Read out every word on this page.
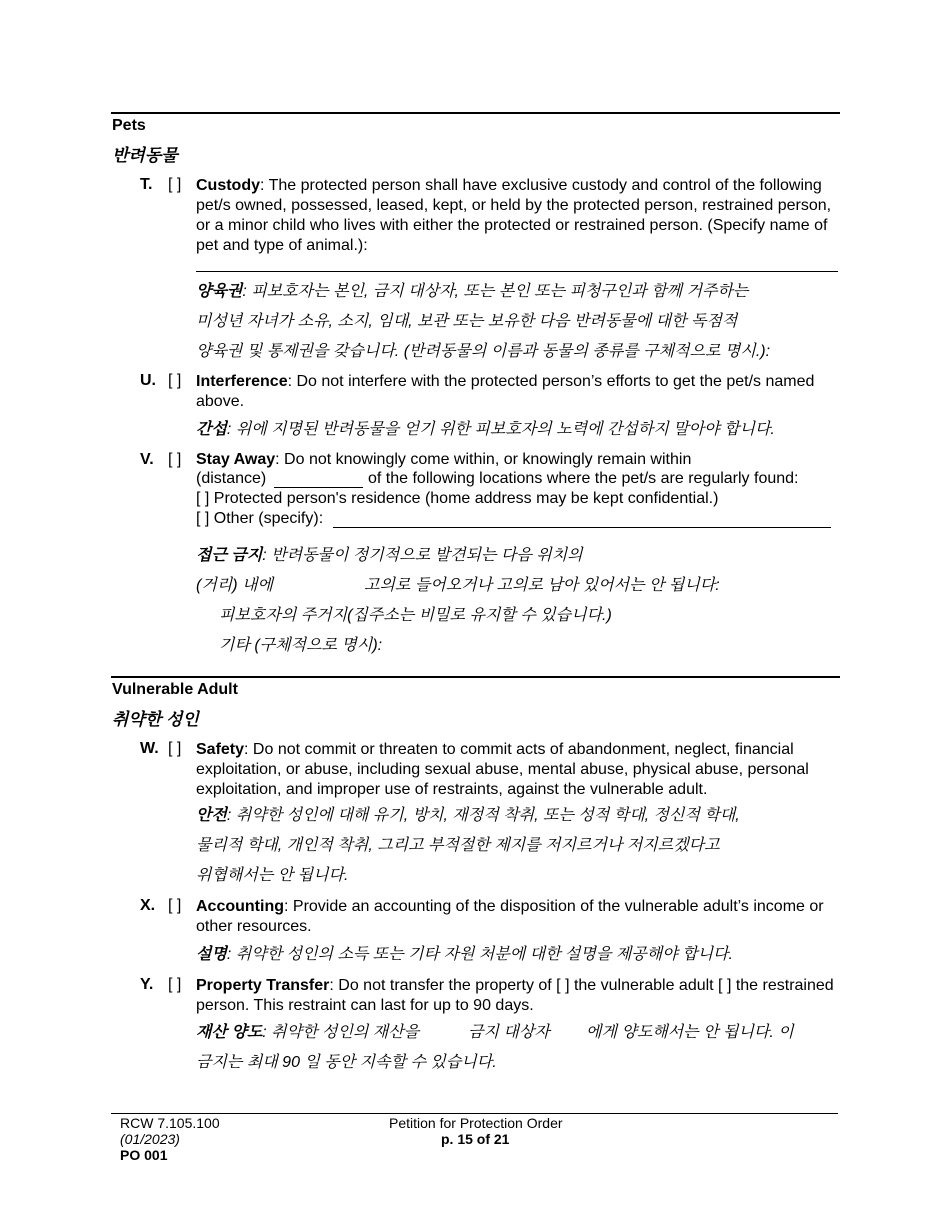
Pets
반려동물
T. [ ] Custody: The protected person shall have exclusive custody and control of the following pet/s owned, possessed, leased, kept, or held by the protected person, restrained person, or a minor child who lives with either the protected or restrained person. (Specify name of pet and type of animal.):
양육권: 피보호자는 본인, 금지 대상자, 또는 본인 또는 피청구인과 함께 거주하는
미성년 자녀가 소유, 소지, 임대, 보관 또는 보유한 다음 반려동물에 대한 독점적
양육권 및 통제권을 갖습니다. (반려동물의 이름과 동물의 종류를 구체적으로 명시.):
U. [ ] Interference: Do not interfere with the protected person’s efforts to get the pet/s named above.
간섭: 위에 지명된 반려동물을 얻기 위한 피보호자의 노력에 간섭하지 말아야 합니다.
V. [ ] Stay Away: Do not knowingly come within, or knowingly remain within
(distance)	of the following locations where the pet/s are regularly found:
[ ] Protected person's residence (home address may be kept confidential.)
[ ] Other (specify):
접근 금지: 반려동물이 정기적으로 발견되는 다음 위치의
(거리) 내에	고의로 들어오거나 고의로 남아 있어서는 안 됩니다:
피보호자의 주거지(집주소는 비밀로 유지할 수 있습니다.)
기타 (구체적으로 명시):
Vulnerable Adult
취약한 성인
W. [ ] Safety: Do not commit or threaten to commit acts of abandonment, neglect, financial exploitation, or abuse, including sexual abuse, mental abuse, physical abuse, personal exploitation, and improper use of restraints, against the vulnerable adult.
안전: 취약한 성인에 대해 유기, 방치, 재정적 착취, 또는 성적 학대, 정신적 학대,
물리적 학대, 개인적 착취, 그리고 부적절한 제지를 저지르거나 저지르겠다고
위협해서는 안 됩니다.
X. [ ] Accounting: Provide an accounting of the disposition of the vulnerable adult’s income or other resources.
설명: 취약한 성인의 소득 또는 기타 자원 처분에 대한 설명을 제공해야 합니다.
Y. [ ] Property Transfer: Do not transfer the property of [ ] the vulnerable adult [ ] the restrained person. This restraint can last for up to 90 days.
재산 양도: 취약한 성인의 재산을	금지 대상자 에게 양도해서는 안 됩니다. 이
금지는 최대 90 일 동안 지속할 수 있습니다.
RCW 7.105.100
(01/2023)
PO 001
Petition for Protection Order
p. 15 of 21
